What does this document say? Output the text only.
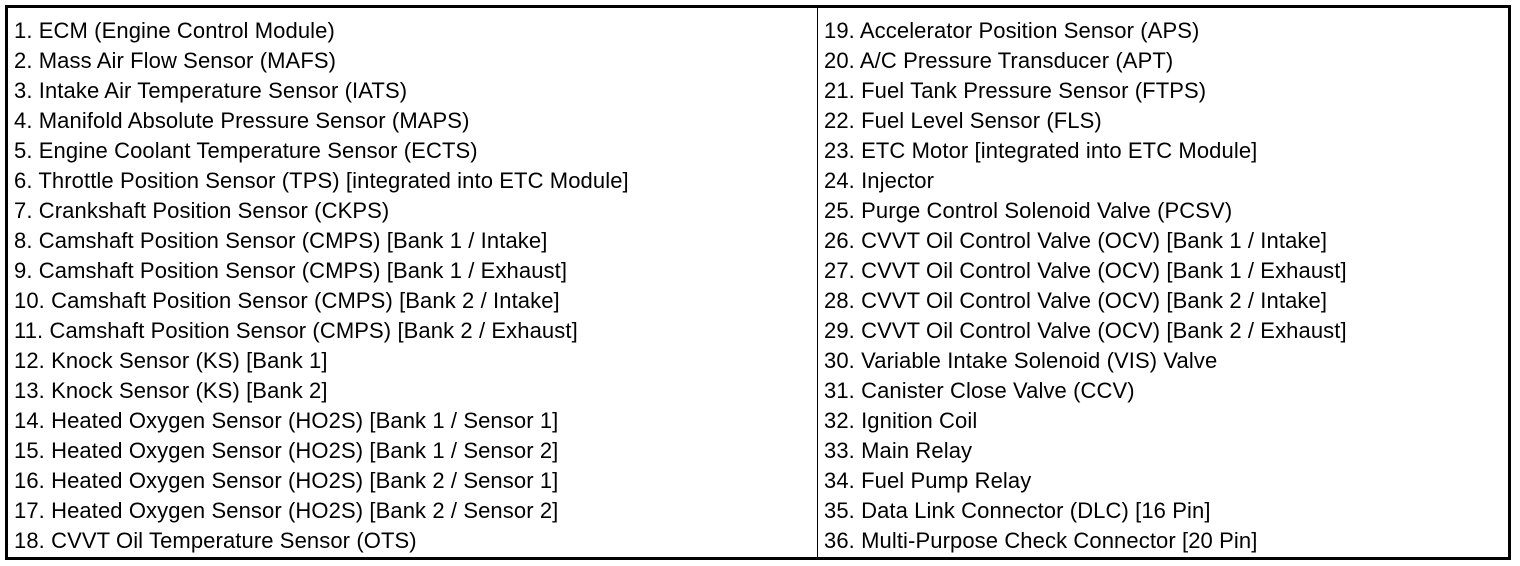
1. ECM (Engine Control Module)
2. Mass Air Flow Sensor (MAFS)
3. Intake Air Temperature Sensor (IATS)
4. Manifold Absolute Pressure Sensor (MAPS)
5. Engine Coolant Temperature Sensor (ECTS)
6. Throttle Position Sensor (TPS) [integrated into ETC Module]
7. Crankshaft Position Sensor (CKPS)
8. Camshaft Position Sensor (CMPS) [Bank 1 / Intake]
9. Camshaft Position Sensor (CMPS) [Bank 1 / Exhaust]
10. Camshaft Position Sensor (CMPS) [Bank 2 / Intake]
11. Camshaft Position Sensor (CMPS) [Bank 2 / Exhaust]
12. Knock Sensor (KS) [Bank 1]
13. Knock Sensor (KS) [Bank 2]
14. Heated Oxygen Sensor (HO2S) [Bank 1 / Sensor 1]
15. Heated Oxygen Sensor (HO2S) [Bank 1 / Sensor 2]
16. Heated Oxygen Sensor (HO2S) [Bank 2 / Sensor 1]
17. Heated Oxygen Sensor (HO2S) [Bank 2 / Sensor 2]
18. CVVT Oil Temperature Sensor (OTS)
19. Accelerator Position Sensor (APS)
20. A/C Pressure Transducer (APT)
21. Fuel Tank Pressure Sensor (FTPS)
22. Fuel Level Sensor (FLS)
23. ETC Motor [integrated into ETC Module]
24. Injector
25. Purge Control Solenoid Valve (PCSV)
26. CVVT Oil Control Valve (OCV) [Bank 1 / Intake]
27. CVVT Oil Control Valve (OCV) [Bank 1 / Exhaust]
28. CVVT Oil Control Valve (OCV) [Bank 2 / Intake]
29. CVVT Oil Control Valve (OCV) [Bank 2 / Exhaust]
30. Variable Intake Solenoid (VIS) Valve
31. Canister Close Valve (CCV)
32. Ignition Coil
33. Main Relay
34. Fuel Pump Relay
35. Data Link Connector (DLC) [16 Pin]
36. Multi-Purpose Check Connector [20 Pin]
